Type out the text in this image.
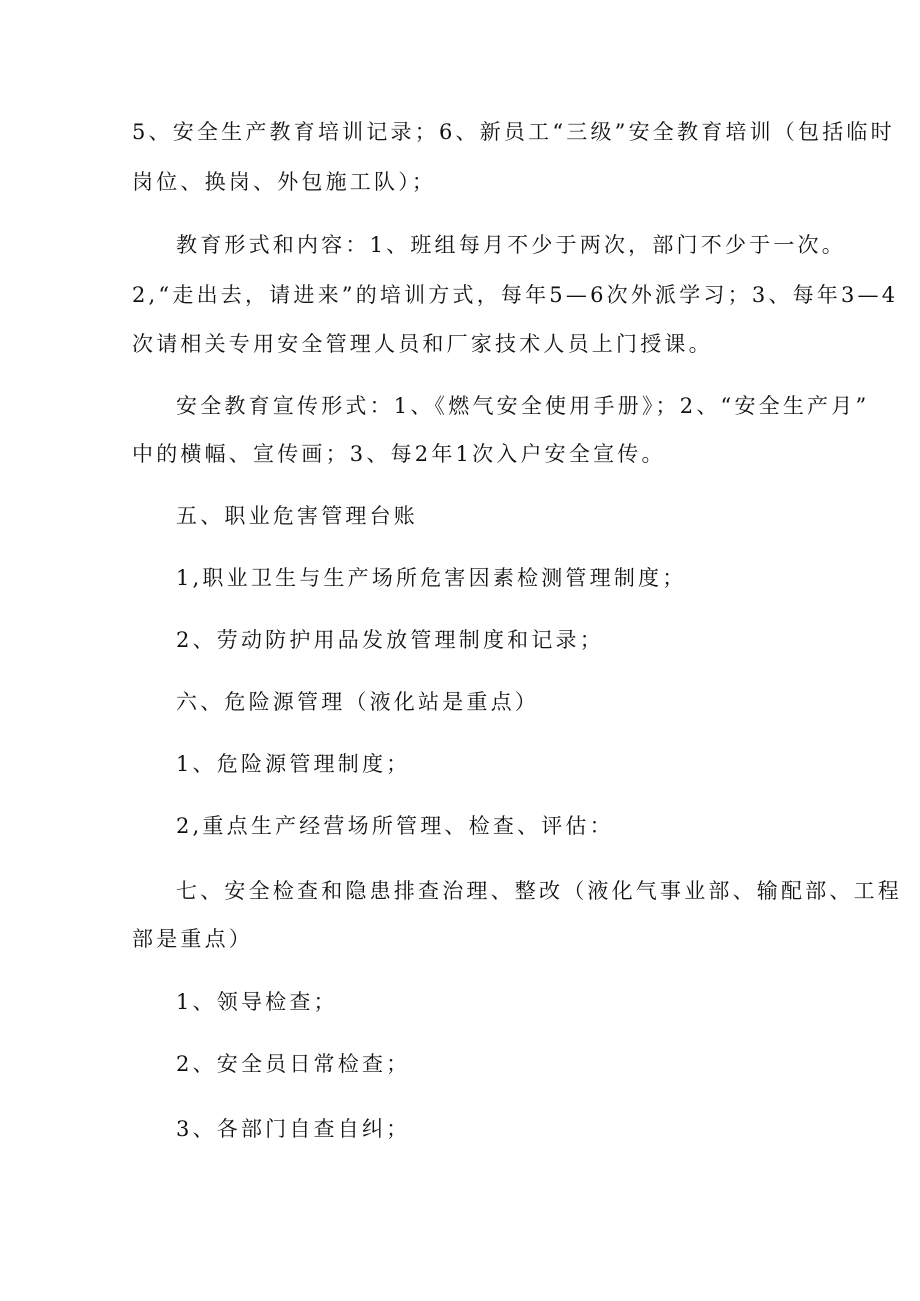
5、安全生产教育培训记录；6、新员工“三级”安全教育培训（包括临时
岗位、换岗、外包施工队）；
教育形式和内容：1、班组每月不少于两次，部门不少于一次。
2,“走出去，请进来”的培训方式，每年5—6次外派学习；3、每年3—4
次请相关专用安全管理人员和厂家技术人员上门授课。
安全教育宣传形式：1、《燃气安全使用手册》；2、“安全生产月”
中的横幅、宣传画；3、每2年1次入户安全宣传。
五、职业危害管理台账
1,职业卫生与生产场所危害因素检测管理制度；
2、劳动防护用品发放管理制度和记录；
六、危险源管理（液化站是重点）
1、危险源管理制度；
2,重点生产经营场所管理、检查、评估：
七、安全检查和隐患排查治理、整改（液化气事业部、输配部、工程
部是重点）
1、领导检查；
2、安全员日常检查；
3、各部门自查自纠；
